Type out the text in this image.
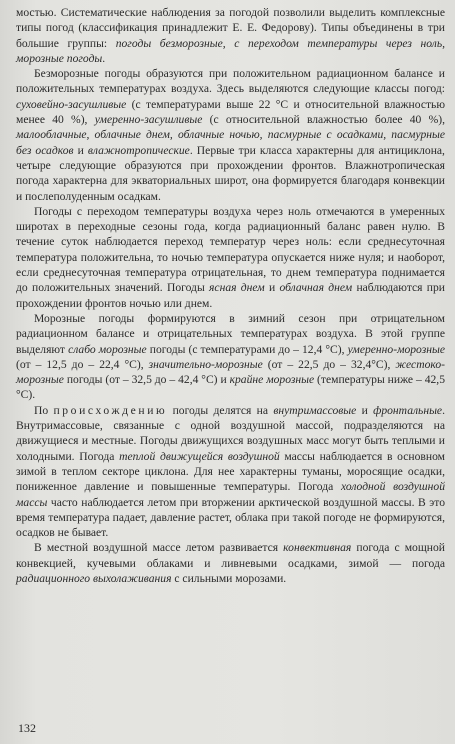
мостью. Систематические наблюдения за погодой позволили выделить комплексные типы погод (классификация принадлежит Е. Е. Федорову). Типы объединены в три большие группы: погоды безморозные, с переходом температуры через ноль, морозные погоды.

Безморозные погоды образуются при положительном радиационном балансе и положительных температурах воздуха. Здесь выделяются следующие классы погод: суховейно-засушливые (с температурами выше 22 °С и относительной влажностью менее 40 %), умеренно-засушливые (с относительной влажностью более 40 %), малооблачные, облачные днем, облачные ночью, пасмурные с осадками, пасмурные без осадков и влажнотропические. Первые три класса характерны для антициклона, четыре следующие образуются при прохождении фронтов. Влажнотропическая погода характерна для экваториальных широт, она формируется благодаря конвекции и послеполуденным осадкам.

Погоды с переходом температуры воздуха через ноль отмечаются в умеренных широтах в переходные сезоны года, когда радиационный баланс равен нулю. В течение суток наблюдается переход температур через ноль: если среднесуточная температура положительна, то ночью температура опускается ниже нуля; и наоборот, если среднесуточная температура отрицательная, то днем температура поднимается до положительных значений. Погоды ясная днем и облачная днем наблюдаются при прохождении фронтов ночью или днем.

Морозные погоды формируются в зимний сезон при отрицательном радиационном балансе и отрицательных температурах воздуха. В этой группе выделяют слабо морозные погоды (с температурами до – 12,4 °С), умеренно-морозные (от – 12,5 до – 22,4 °С), значительно-морозные (от – 22,5 до – 32,4°С), жестоко-морозные погоды (от – 32,5 до – 42,4 °С) и крайне морозные (температуры ниже – 42,5 °С).

По происхождению погоды делятся на внутримассовые и фронтальные. Внутримассовые, связанные с одной воздушной массой, подразделяются на движущиеся и местные. Погоды движущихся воздушных масс могут быть теплыми и холодными. Погода теплой движущейся воздушной массы наблюдается в основном зимой в теплом секторе циклона. Для нее характерны туманы, моросящие осадки, пониженное давление и повышенные температуры. Погода холодной воздушной массы часто наблюдается летом при вторжении арктической воздушной массы. В это время температура падает, давление растет, облака при такой погоде не формируются, осадков не бывает.

В местной воздушной массе летом развивается конвективная погода с мощной конвекцией, кучевыми облаками и ливневыми осадками, зимой — погода радиационного выхолаживания с сильными морозами.

132
